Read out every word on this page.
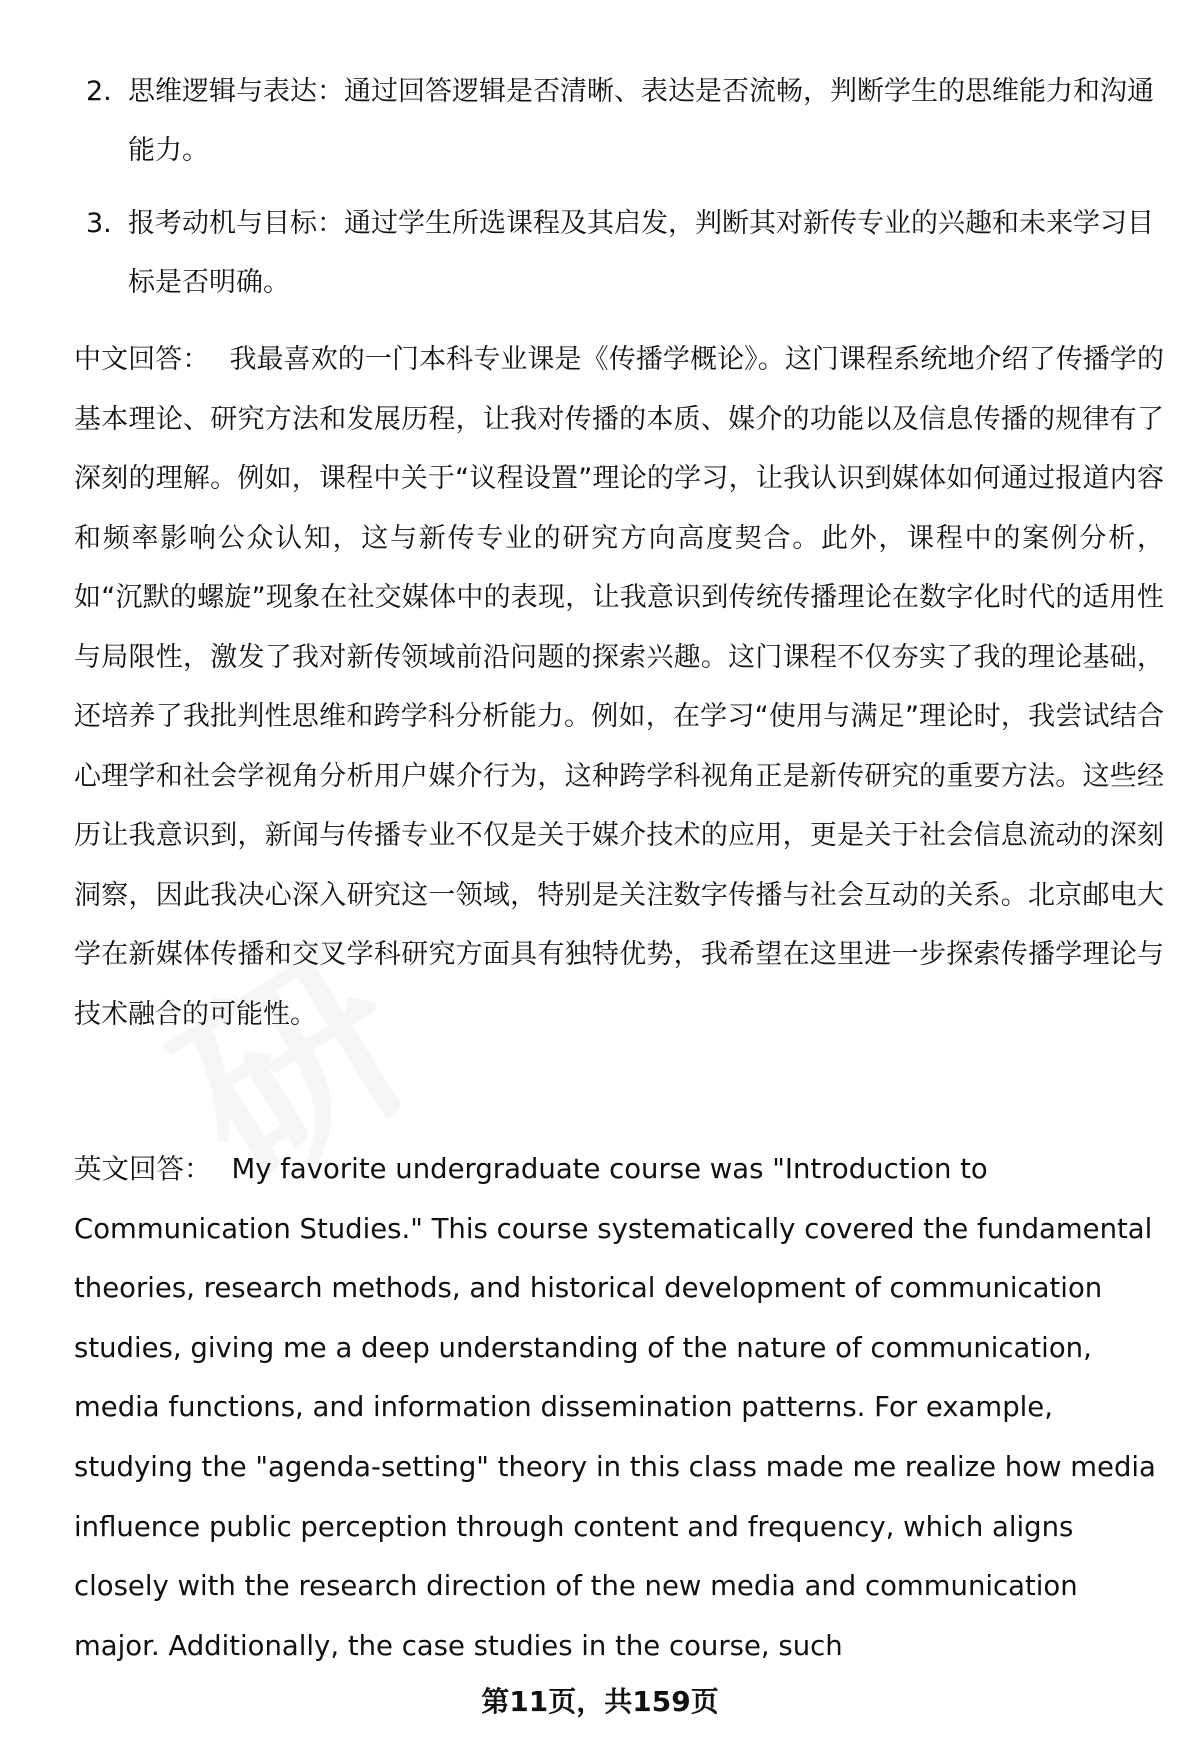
2. 思维逻辑与表达：通过回答逻辑是否清晰、表达是否流畅，判断学生的思维能力和沟通能力。
3. 报考动机与目标：通过学生所选课程及其启发，判断其对新传专业的兴趣和未来学习目标是否明确。

中文回答： 我最喜欢的一门本科专业课是《传播学概论》。这门课程系统地介绍了传播学的基本理论、研究方法和发展历程，让我对传播的本质、媒介的功能以及信息传播的规律有了深刻的理解。例如，课程中关于“议程设置”理论的学习，让我认识到媒体如何通过报道内容和频率影响公众认知，这与新传专业的研究方向高度契合。此外，课程中的案例分析，如“沉默的螺旋”现象在社交媒体中的表现，让我意识到传统传播理论在数字化时代的适用性与局限性，激发了我对新传领域前沿问题的探索兴趣。这门课程不仅夯实了我的理论基础，还培养了我批判性思维和跨学科分析能力。例如，在学习“使用与满足”理论时，我尝试结合心理学和社会学视角分析用户媒介行为，这种跨学科视角正是新传研究的重要方法。这些经历让我意识到，新闻与传播专业不仅是关于媒介技术的应用，更是关于社会信息流动的深刻洞察，因此我决心深入研究这一领域，特别是关注数字传播与社会互动的关系。北京邮电大学在新媒体传播和交叉学科研究方面具有独特优势，我希望在这里进一步探索传播学理论与技术融合的可能性。

英文回答： My favorite undergraduate course was "Introduction to Communication Studies." This course systematically covered the fundamental theories, research methods, and historical development of communication studies, giving me a deep understanding of the nature of communication, media functions, and information dissemination patterns. For example, studying the "agenda-setting" theory in this class made me realize how media influence public perception through content and frequency, which aligns closely with the research direction of the new media and communication major. Additionally, the case studies in the course, such

第11页，共159页
